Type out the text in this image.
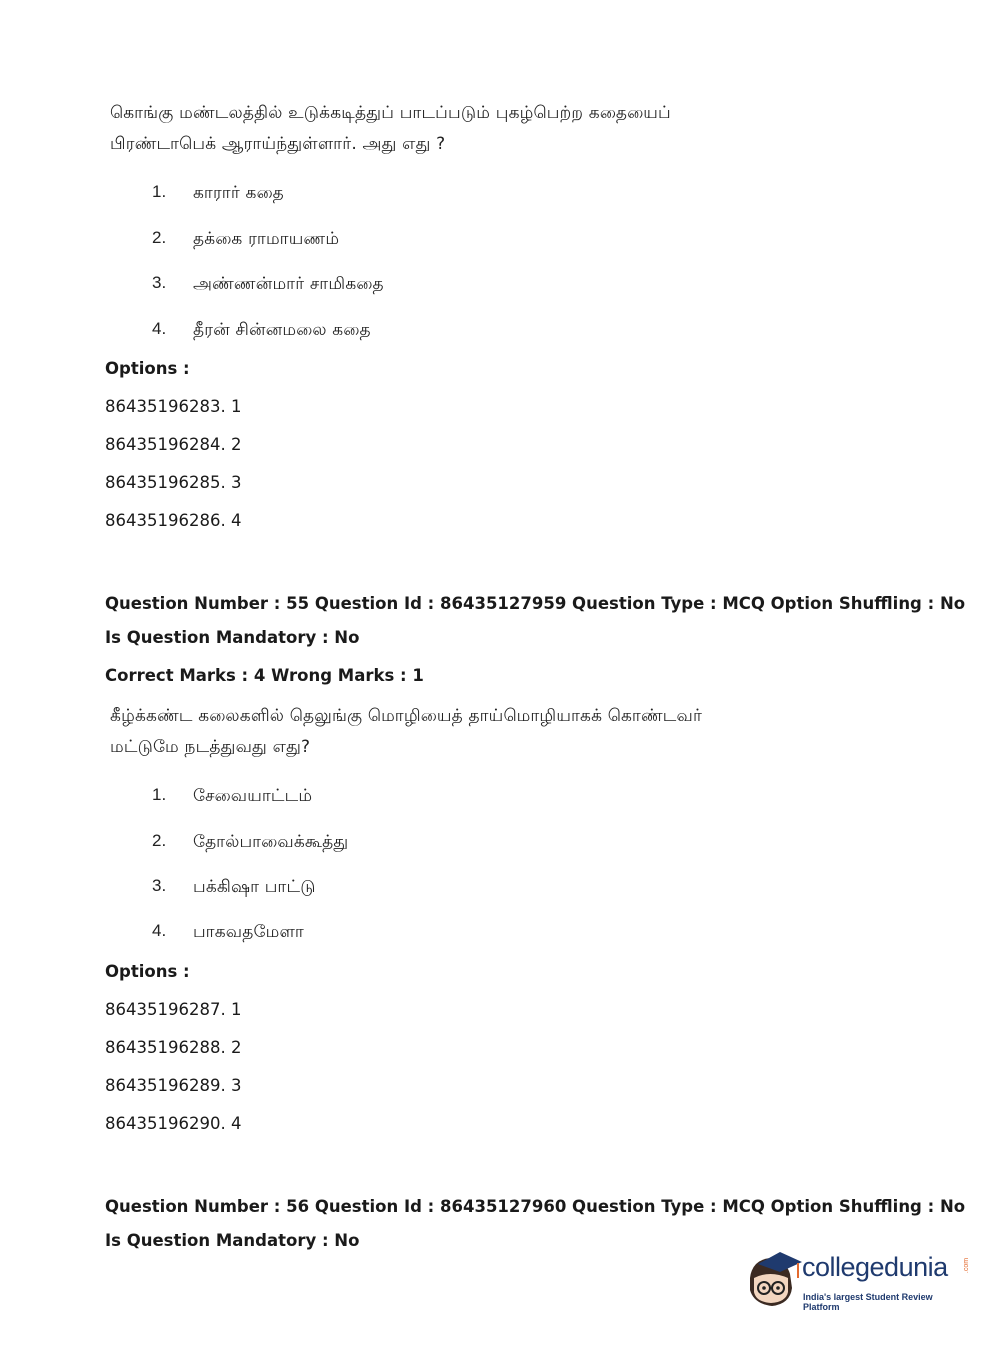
கொங்கு மண்டலத்தில் உடுக்கடித்துப் பாடப்படும் புகழ்பெற்ற கதையைப்
பிரண்டாபெக் ஆராய்ந்துள்ளார். அது எது ?
1. காரார் கதை
2. தக்கை ராமாயணம்
3. அண்ணன்மார் சாமிகதை
4. தீரன் சின்னமலை கதை
Options :
86435196283. 1
86435196284. 2
86435196285. 3
86435196286. 4
Question Number : 55 Question Id : 86435127959 Question Type : MCQ Option Shuffling : No
Is Question Mandatory : No
Correct Marks : 4 Wrong Marks : 1
கீழ்க்கண்ட கலைகளில் தெலுங்கு மொழியைத் தாய்மொழியாகக் கொண்டவர்
மட்டுமே நடத்துவது எது?
1. சேவையாட்டம்
2. தோல்பாவைக்கூத்து
3. பக்கிஷா பாட்டு
4. பாகவதமேளா
Options :
86435196287. 1
86435196288. 2
86435196289. 3
86435196290. 4
Question Number : 56 Question Id : 86435127960 Question Type : MCQ Option Shuffling : No
Is Question Mandatory : No
collegedunia .com
India's largest Student Review Platform
